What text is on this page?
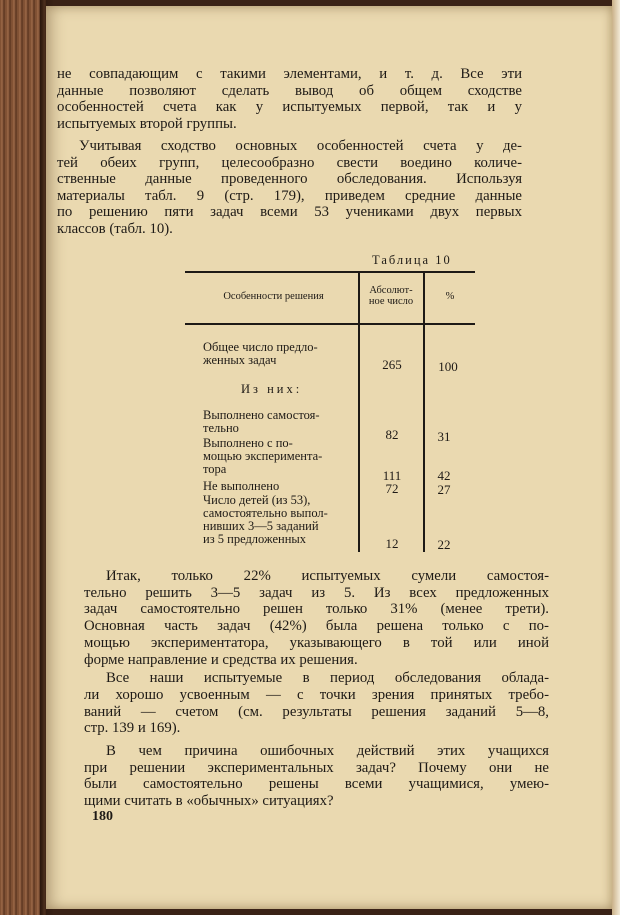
не совпадающим с такими элементами, и т. д. Все эти
данные позволяют сделать вывод об общем сходстве
особенностей счета как у испытуемых первой, так и у
испытуемых второй группы.
Учитывая сходство основных особенностей счета у де-
тей обеих групп, целесообразно свести воедино количе-
ственные данные проведенного обследования. Используя
материалы табл. 9 (стр. 179), приведем средние данные
по решению пяти задач всеми 53 учениками двух первых
классов (табл. 10).
Таблица 10
Особенности решения
Абсолют-
ное число	%
Общее число предло-
женных задач	265	100
Из них:
Выполнено самостоя-
тельно	82	31
Выполнено с по-
мощью эксперимента-
тора	111	42
Не выполнено	72	27
Число детей (из 53),
самостоятельно выпол-
нивших 3—5 заданий
из 5 предложенных	12	22
Итак, только 22% испытуемых сумели самостоя-
тельно решить 3—5 задач из 5. Из всех предложенных
задач самостоятельно решен только 31% (менее трети).
Основная часть задач (42%) была решена только с по-
мощью экспериментатора, указывающего в той или иной
форме направление и средства их решения.
Все наши испытуемые в период обследования облада-
ли хорошо усвоенным — с точки зрения принятых требо-
ваний — счетом (см. результаты решения заданий 5—8,
стр. 139 и 169).
В чем причина ошибочных действий этих учащихся
при решении экспериментальных задач? Почему они не
были самостоятельно решены всеми учащимися, умею-
щими считать в «обычных» ситуациях?
180
